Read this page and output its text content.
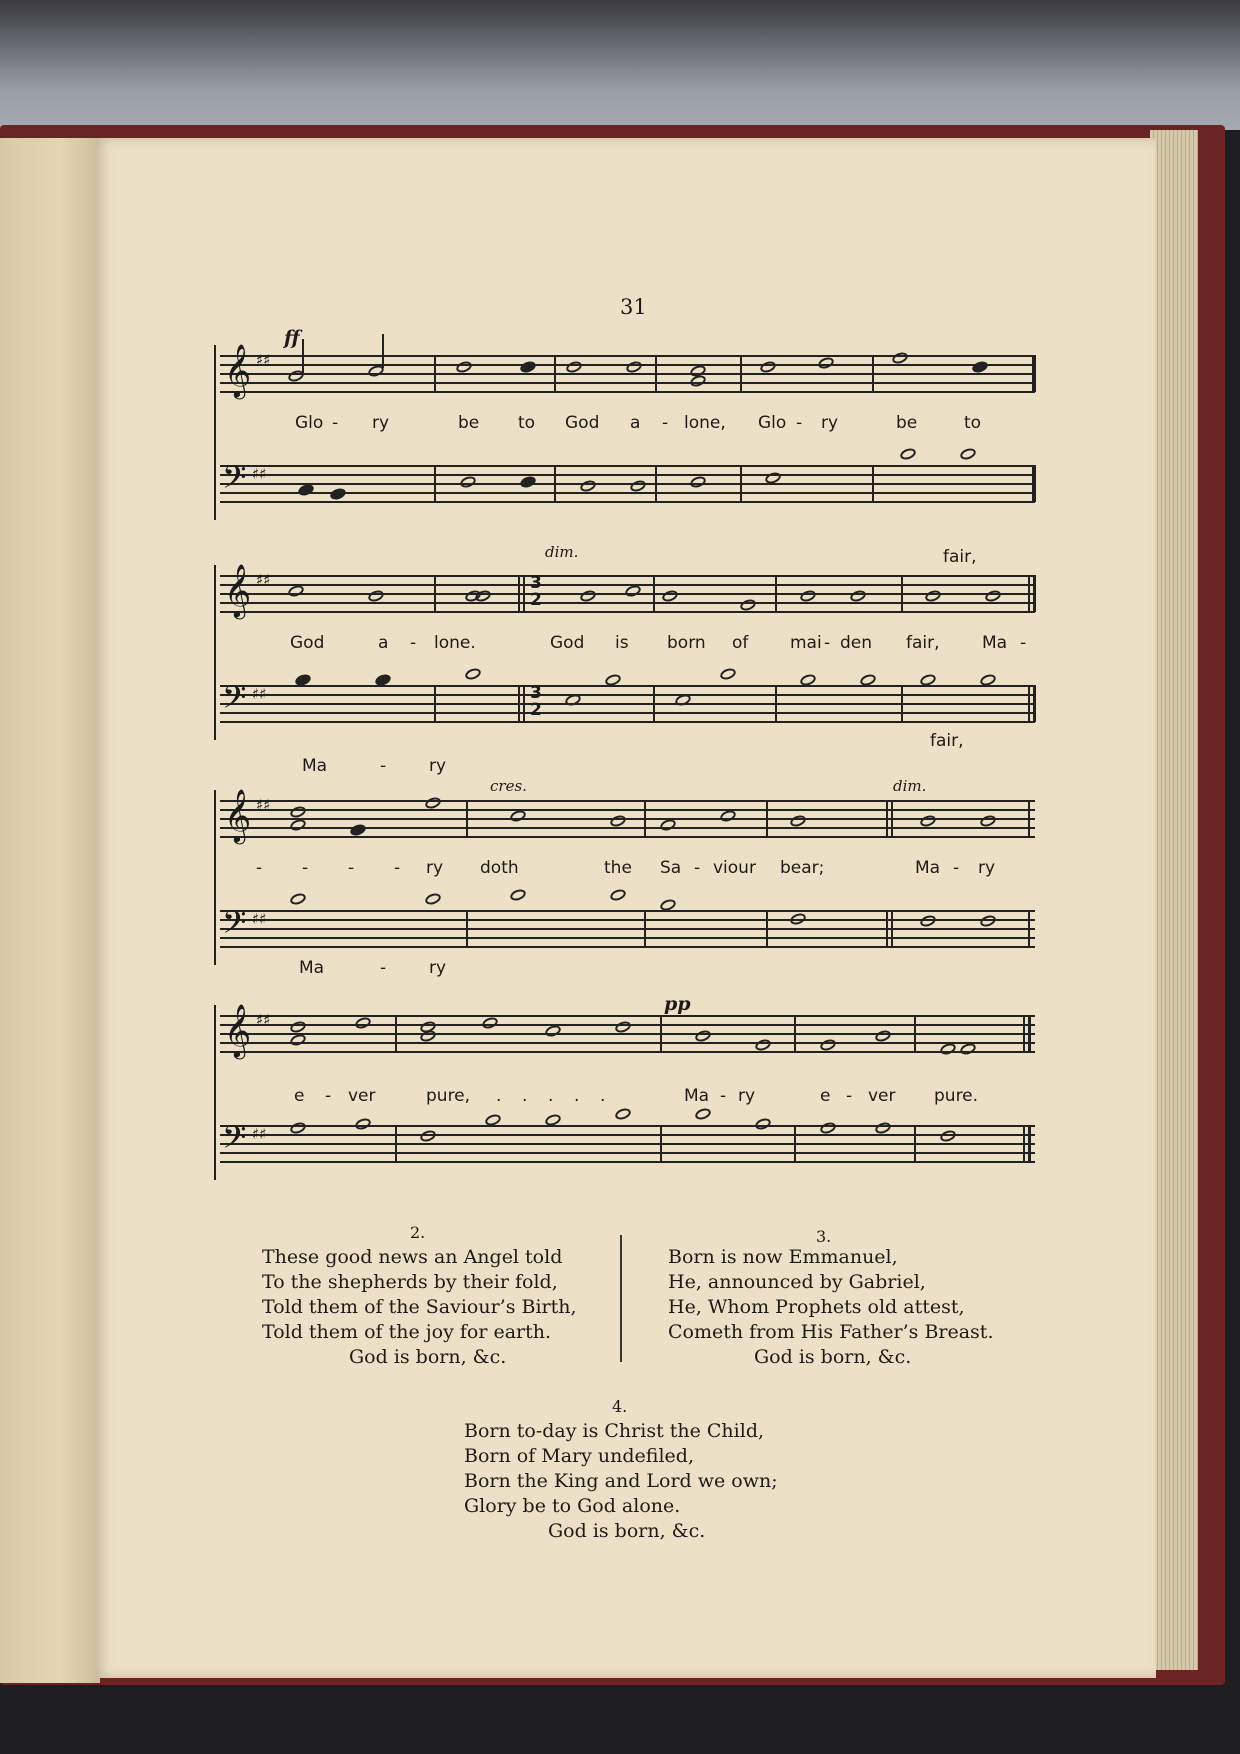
31
𝄞 ♯♯
𝄢 ♯♯
ff
Glo - ry	be to God a - lone, Glo - ry	be	to
𝄞 ♯♯	3
2
𝄢 ♯♯	3
2
dim.	fair,
God	a - lone.	God is born of mai - den fair, Ma -
fair,
𝄞 ♯♯
𝄢 ♯♯
cres.	dim.
Ma	-	ry
- - - - ry doth	the Sa - viour bear;	Ma - ry
Ma	-	ry
𝄞 ♯♯
𝄢 ♯♯
pp
e - ver	pure, . . . . .	Ma - ry	e - ver pure.
2.
These good news an Angel told
To the shepherds by their fold,
Told them of the Saviour’s Birth,
Told them of the joy for earth.
God is born, &c.
3.
Born is now Emmanuel,
He, announced by Gabriel,
He, Whom Prophets old attest,
Cometh from His Father’s Breast.
God is born, &c.
4.
Born to-day is Christ the Child,
Born of Mary undefiled,
Born the King and Lord we own;
Glory be to God alone.
God is born, &c.
